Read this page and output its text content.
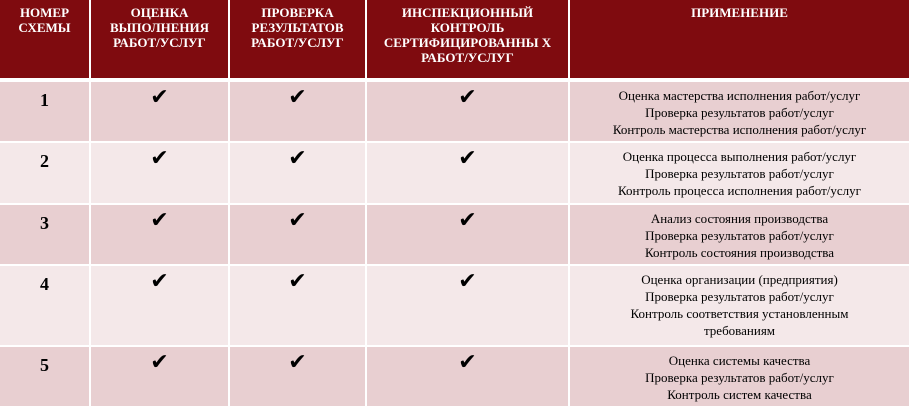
НОМЕР СХЕМЫ	ОЦЕНКА ВЫПОЛНЕНИЯ РАБОТ/УСЛУГ	ПРОВЕРКА РЕЗУЛЬТАТОВ РАБОТ/УСЛУГ	ИНСПЕКЦИОННЫЙ КОНТРОЛЬ СЕРТИФИЦИРОВАННЫ Х РАБОТ/УСЛУГ	ПРИМЕНЕНИЕ
1	✔	✔	✔	Оценка мастерства исполнения работ/услуг
Проверка результатов работ/услуг
Контроль мастерства исполнения работ/услуг

2	✔	✔	✔	Оценка процесса выполнения работ/услуг
Проверка результатов работ/услуг
Контроль процесса исполнения работ/услуг

3	✔	✔	✔	Анализ состояния производства
Проверка результатов работ/услуг
Контроль состояния производства

4	✔	✔	✔	Оценка организации (предприятия)
Проверка результатов работ/услуг
Контроль соответствия установленным
требованиям

5	✔	✔	✔	Оценка системы качества
Проверка результатов работ/услуг
Контроль систем качества
